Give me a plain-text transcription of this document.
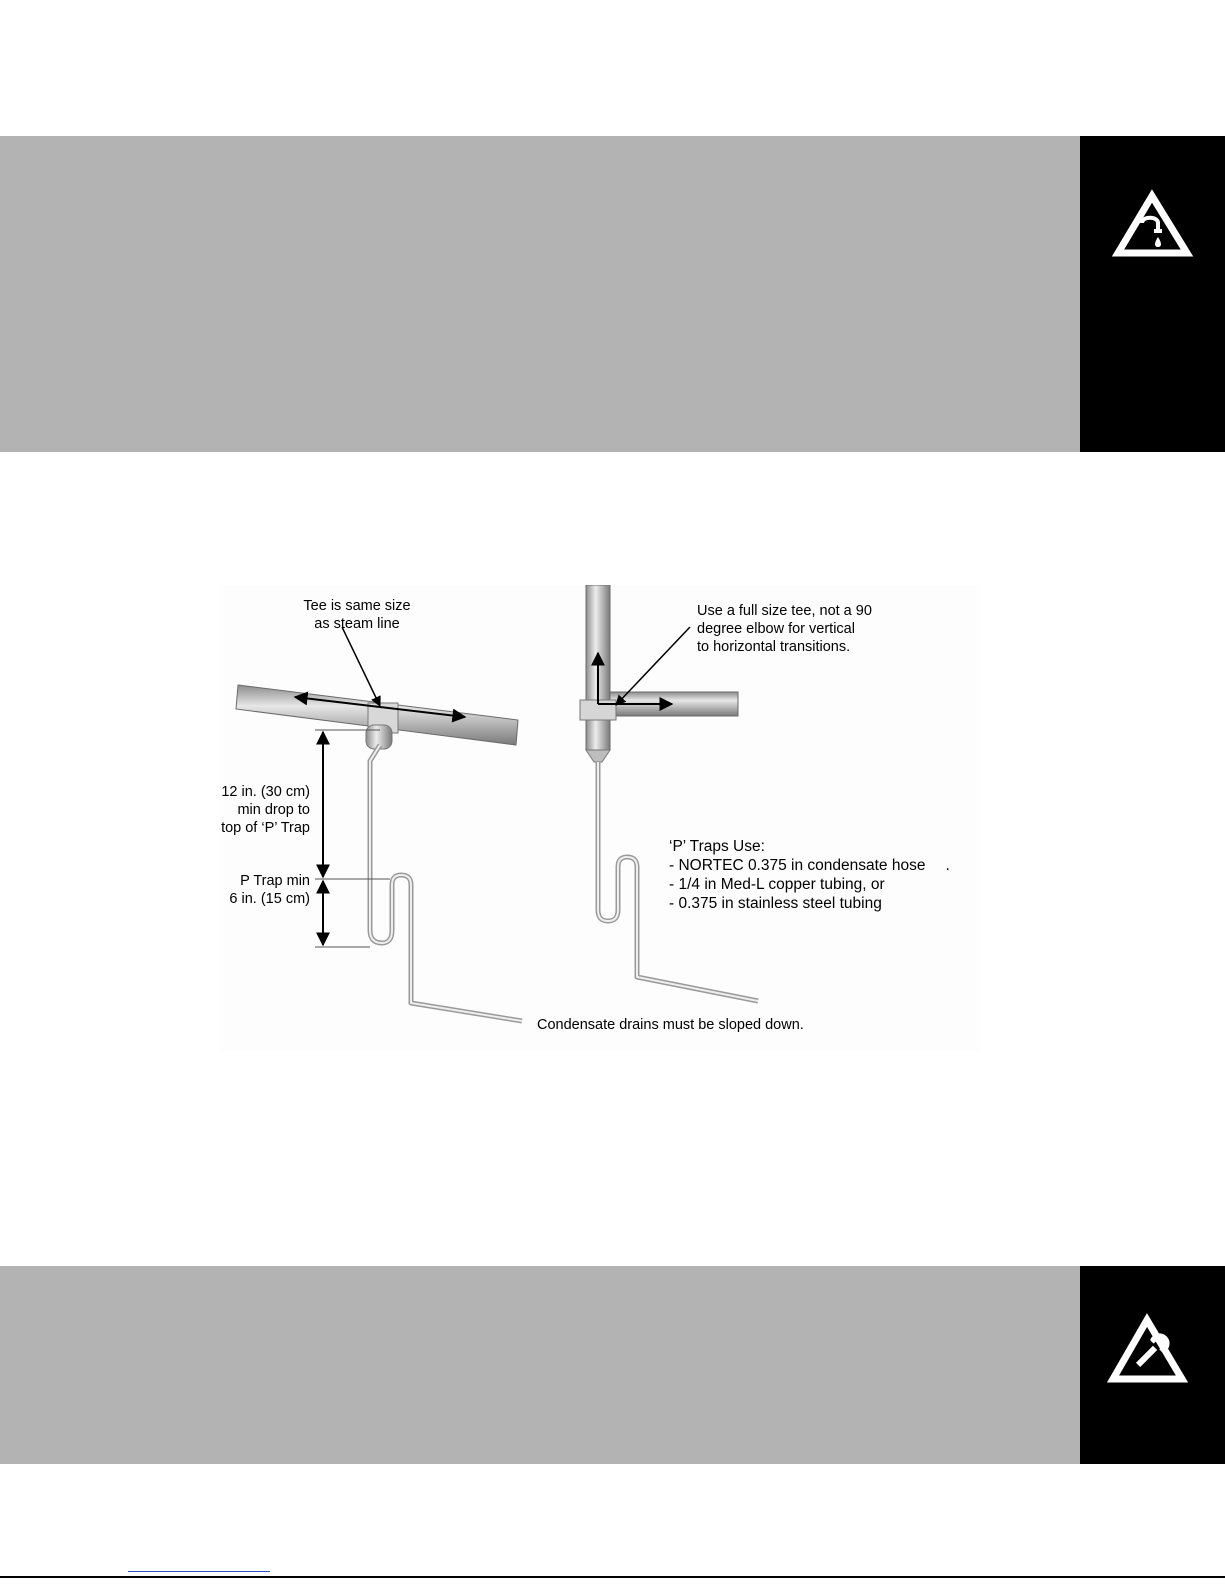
Tee is same size
as steam line
Use a full size tee, not a 90
degree elbow for vertical
to horizontal transitions.
12 in. (30 cm)
min drop to
top of ‘P’ Trap
P Trap min
6 in. (15 cm)
‘P’ Traps Use:
- NORTEC 0.375 in condensate hose .
- 1/4 in Med-L copper tubing, or
- 0.375 in stainless steel tubing
Condensate drains must be sloped down.
